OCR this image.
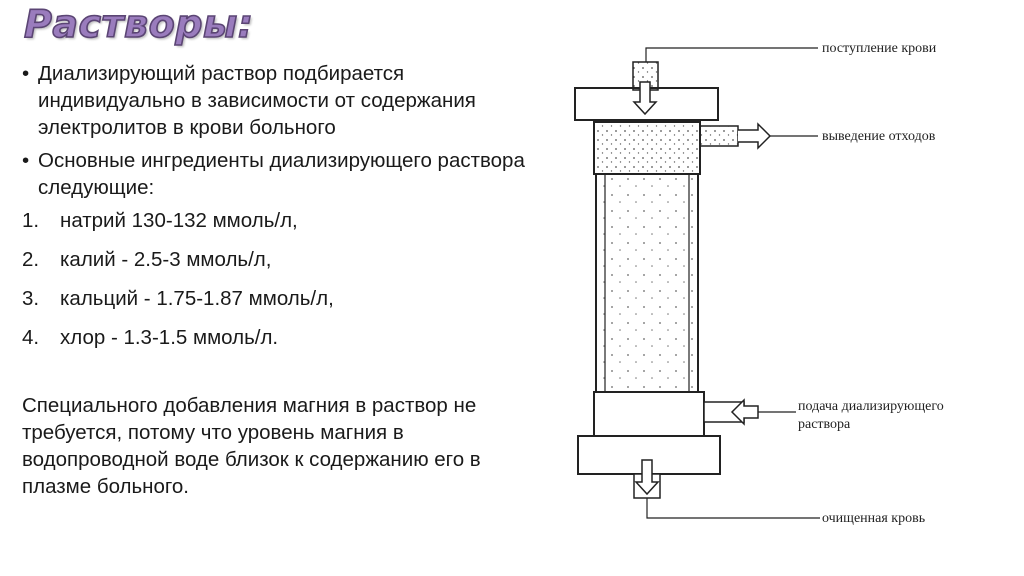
Растворы:
• Диализирующий раствор подбирается индивидуально в зависимости от содержания электролитов в крови больного
• Основные ингредиенты диализирующего раствора следующие:
1. натрий 130-132 ммоль/л,
2. калий - 2.5-3 ммоль/л,
3. кальций - 1.75-1.87 ммоль/л,
4. хлор - 1.3-1.5 ммоль/л.
Специального добавления магния в раствор не требуется, потому что уровень магния в водопроводной воде близок к содержанию его в плазме больного.
поступление крови
выведение отходов
подача диализирующего
раствора
очищенная кровь
